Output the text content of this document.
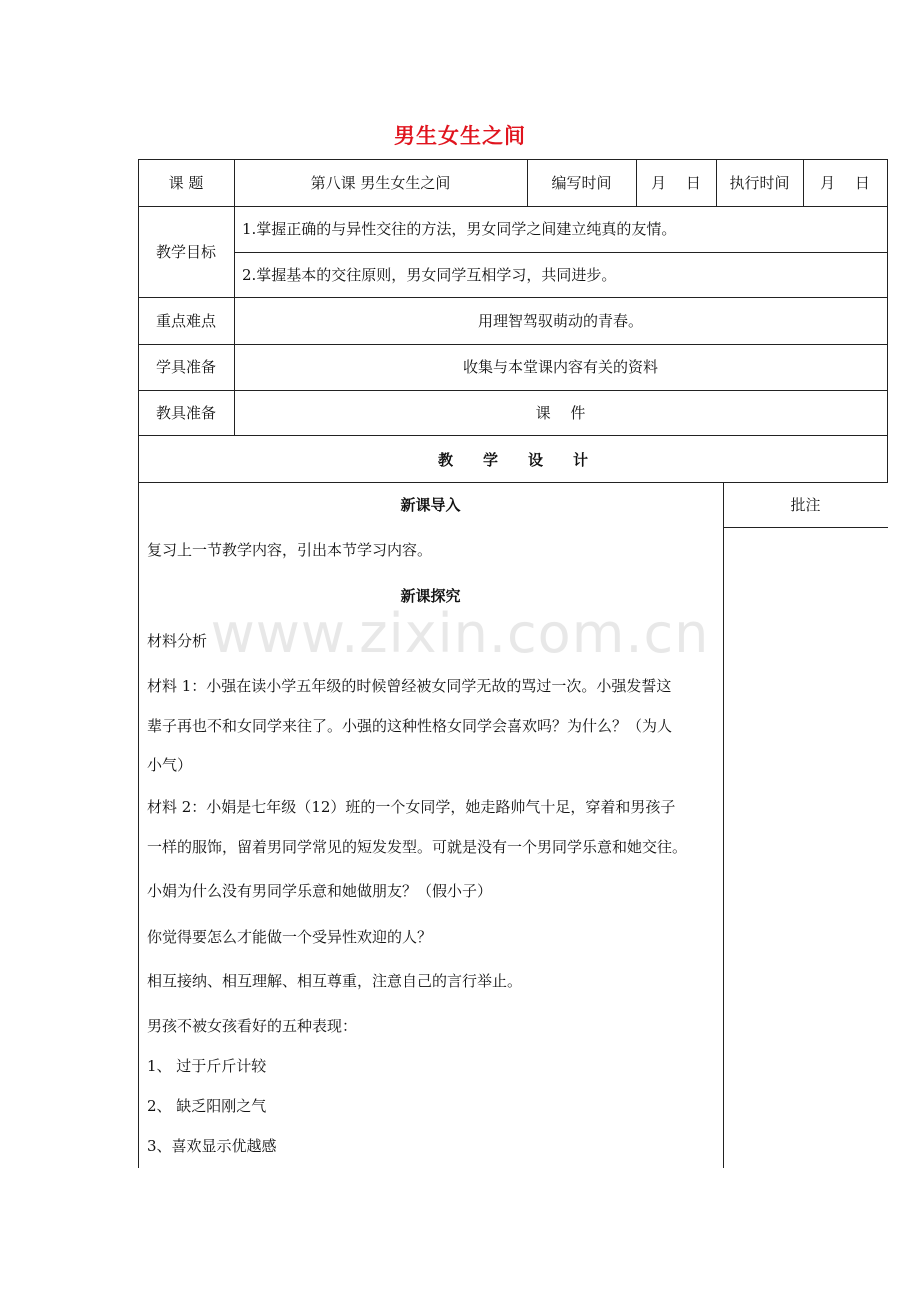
男生女生之间
课 题	第八课 男生女生之间	编写时间	月　 日	执行时间	月　 日
教学目标
1.掌握正确的与异性交往的方法，男女同学之间建立纯真的友情。
2.掌握基本的交往原则，男女同学互相学习，共同进步。
重点难点	用理智驾驭萌动的青春。
学具准备	收集与本堂课内容有关的资料
教具准备	课　 件
教　　学　　设　　计
批注
新课导入
复习上一节教学内容，引出本节学习内容。
新课探究
材料分析
材料 1：小强在读小学五年级的时候曾经被女同学无故的骂过一次。小强发誓这
辈子再也不和女同学来往了。小强的这种性格女同学会喜欢吗？为什么？（为人
小气）
材料 2：小娟是七年级（12）班的一个女同学，她走路帅气十足，穿着和男孩子
一样的服饰，留着男同学常见的短发发型。可就是没有一个男同学乐意和她交往。
小娟为什么没有男同学乐意和她做朋友？（假小子）
你觉得要怎么才能做一个受异性欢迎的人？
相互接纳、相互理解、相互尊重，注意自己的言行举止。
男孩不被女孩看好的五种表现：
1、 过于斤斤计较
2、 缺乏阳刚之气
3、喜欢显示优越感
www.zixin.com.cn
